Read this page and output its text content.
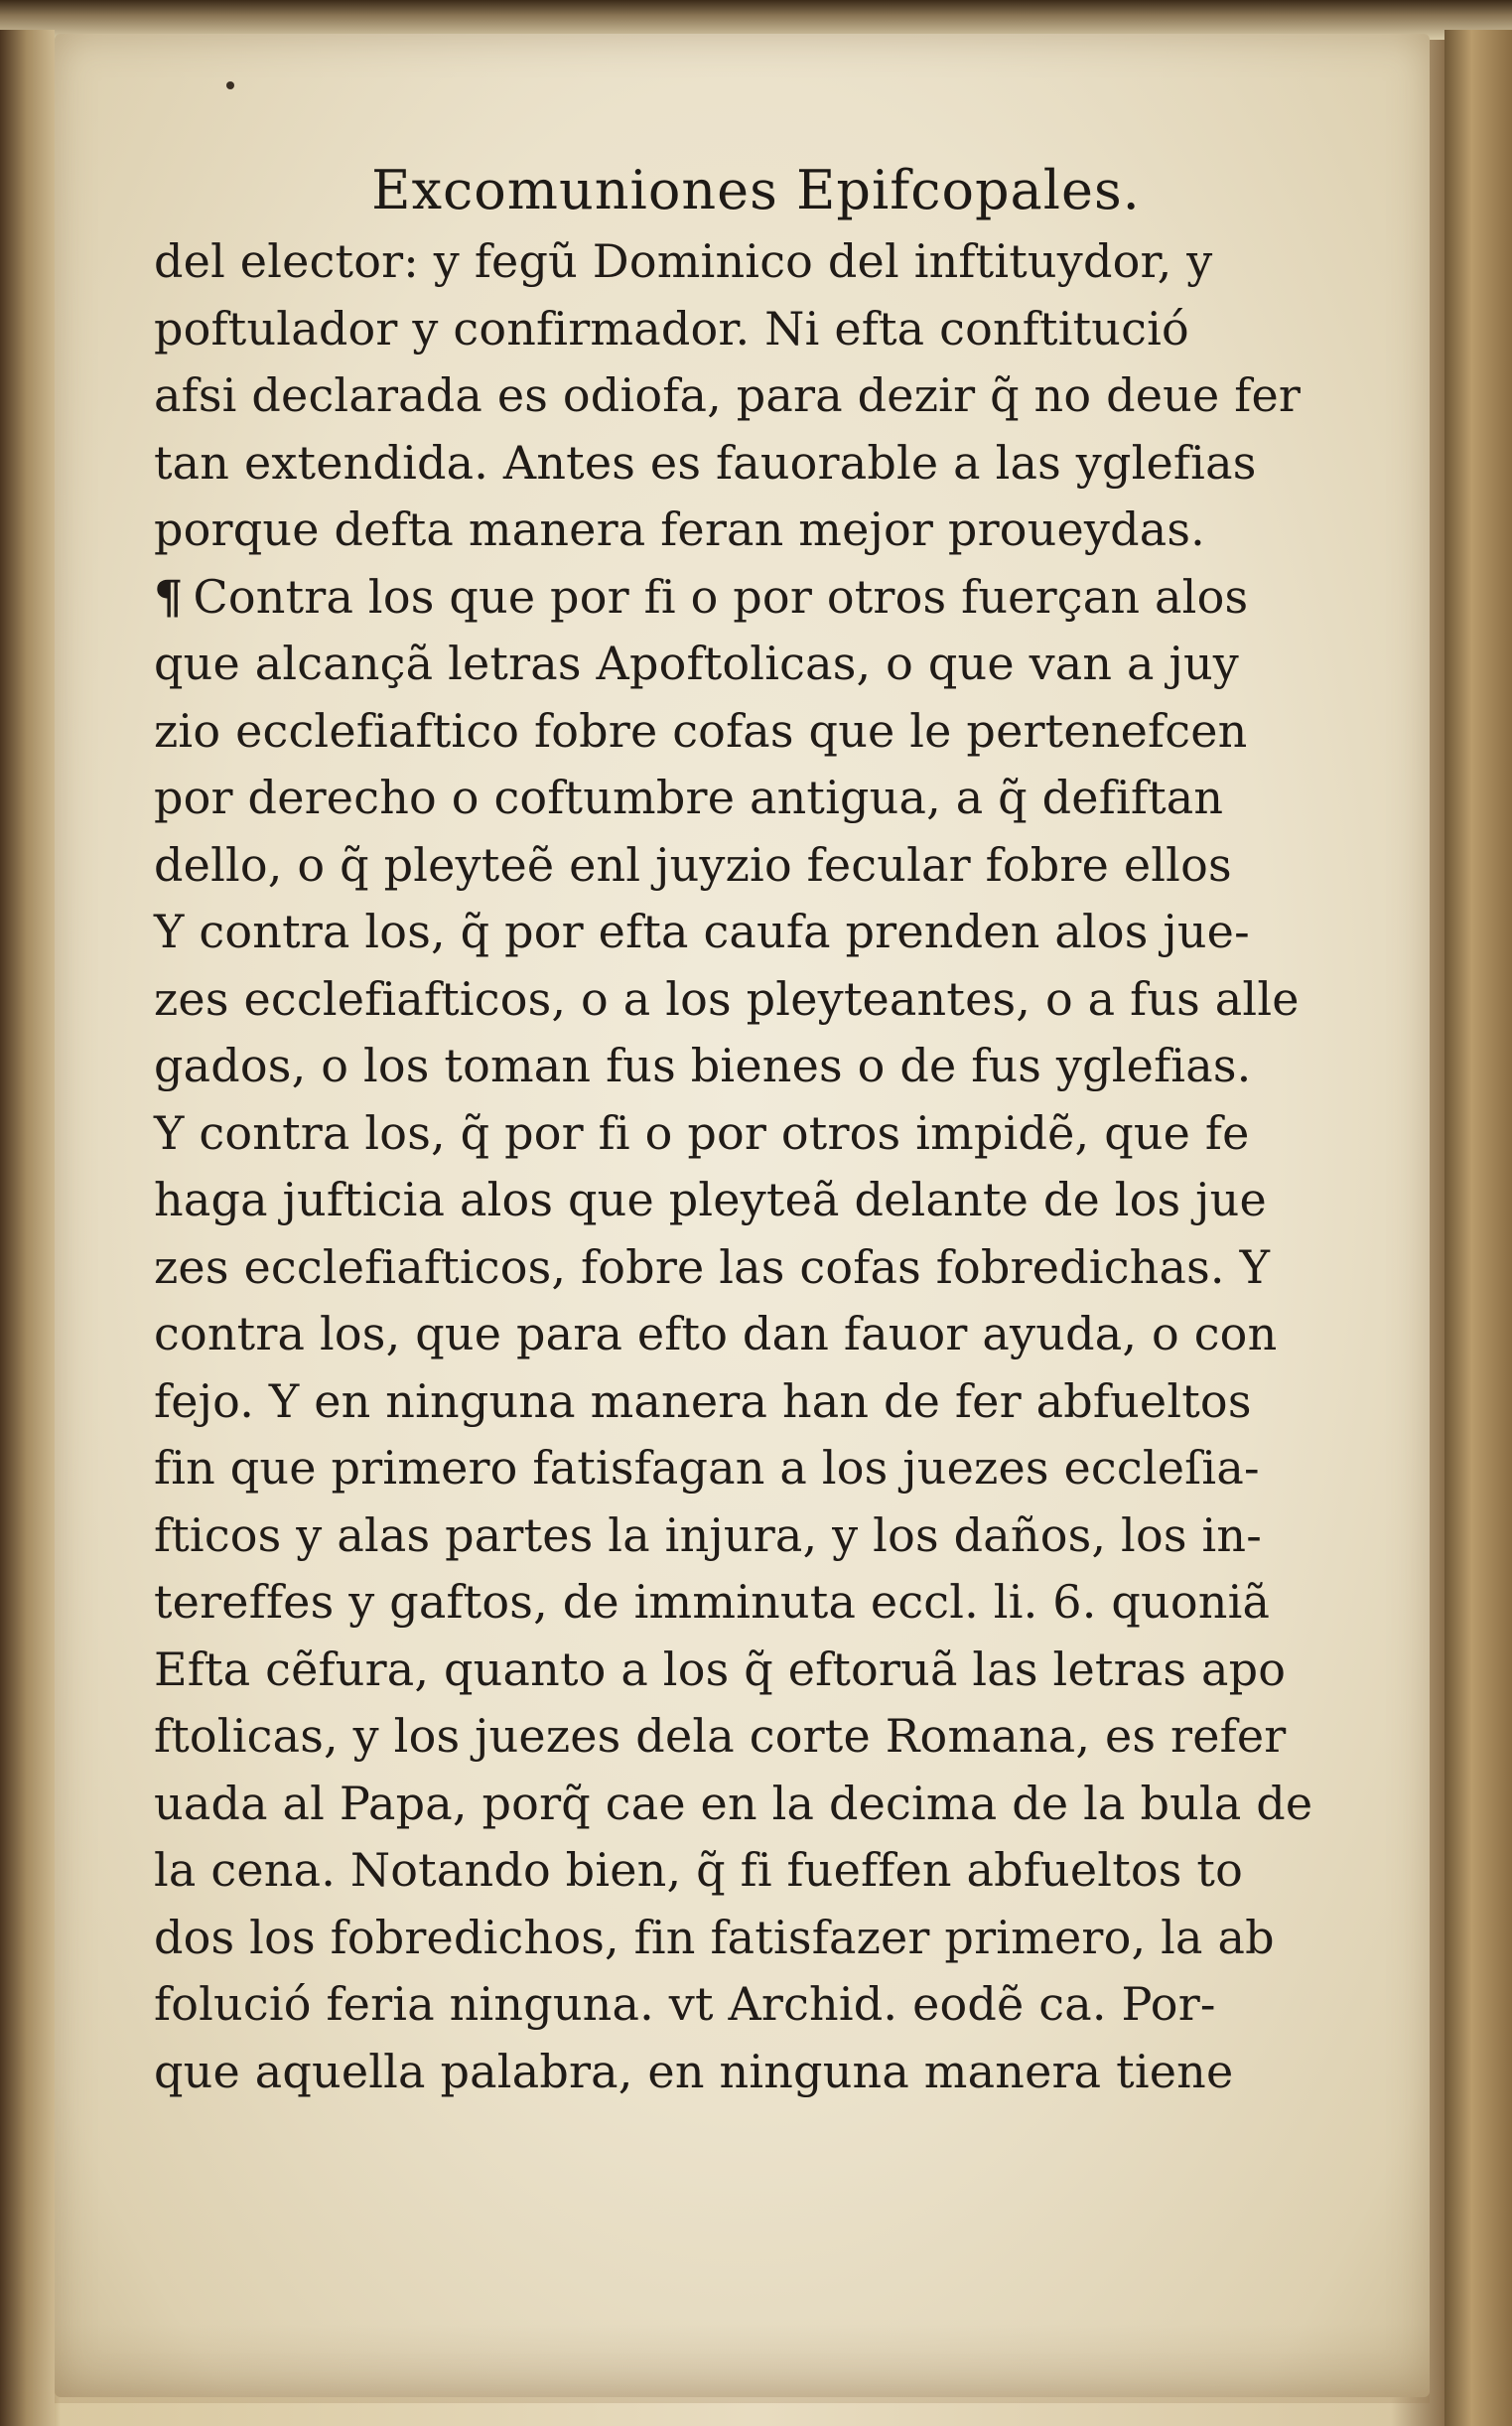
Excomuniones Epifcopales.
del elector: y fegũ Dominico del inftituydor, y
poftulador y confirmador. Ni efta conftitució
afsi declarada es odiofa, para dezir q̃ no deue fer
tan extendida. Antes es fauorable a las yglefias
porque defta manera feran mejor proueydas.
¶ Contra los que por fi o por otros fuerçan alos
que alcançã letras Apoftolicas, o que van a juy
zio ecclefiaftico fobre cofas que le pertenefcen
por derecho o coftumbre antigua, a q̃ defiftan
dello, o q̃ pleyteẽ enl juyzio fecular fobre ellos
Y contra los, q̃ por efta caufa prenden alos jue-
zes ecclefiafticos, o a los pleyteantes, o a fus alle
gados, o los toman fus bienes o de fus yglefias.
Y contra los, q̃ por fi o por otros impidẽ, que fe
haga jufticia alos que pleyteã delante de los jue
zes ecclefiafticos, fobre las cofas fobredichas. Y
contra los, que para efto dan fauor ayuda, o con
fejo. Y en ninguna manera han de fer abfueltos
fin que primero fatisfagan a los juezes eccleſia-
fticos y alas partes la injura, y los daños, los in-
tereffes y gaftos, de imminuta eccl. li. 6. quoniã
Efta cẽfura, quanto a los q̃ eftoruã las letras apo
ftolicas, y los juezes dela corte Romana, es refer
uada al Papa, porq̃ cae en la decima de la bula de
la cena. Notando bien, q̃ fi fueffen abfueltos to
dos los fobredichos, fin fatisfazer primero, la ab
folució feria ninguna. vt Archid. eodẽ ca. Por-
que aquella palabra, en ninguna manera tiene
